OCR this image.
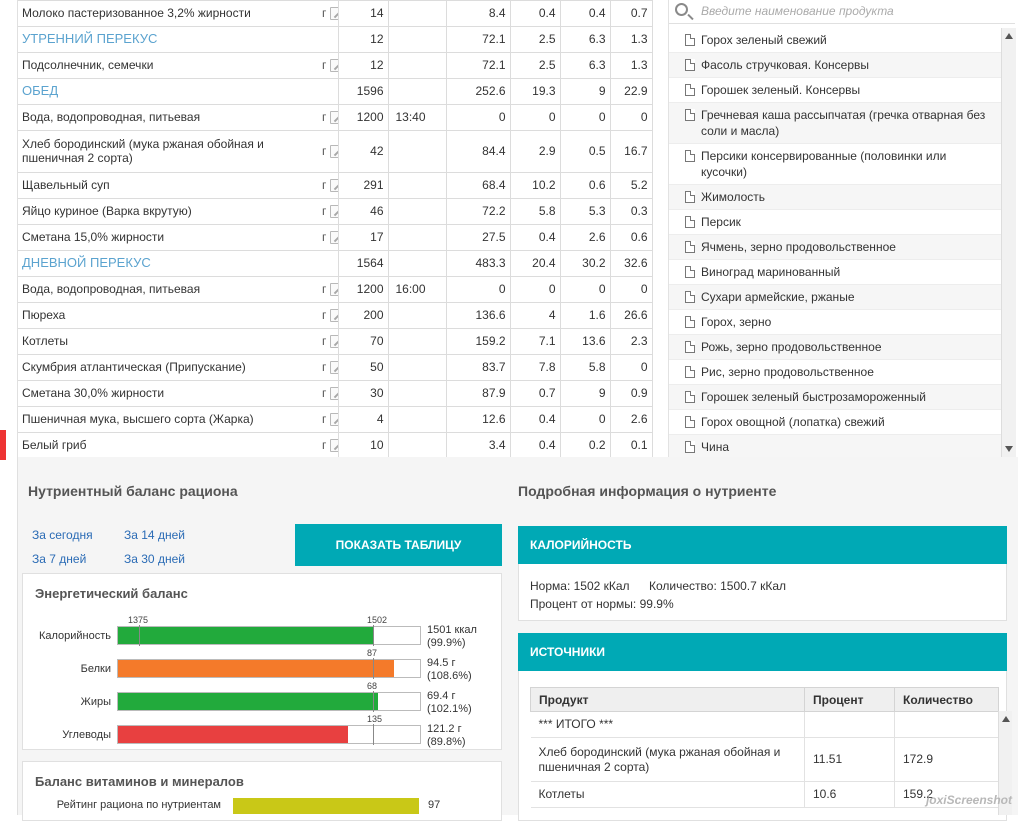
Молоко пастеризованное 3,2% жирности	г	14		8.4	0.4	0.4	0.7
УТРЕННИЙ ПЕРЕКУС		12		72.1	2.5	6.3	1.3
Подсолнечник, семечки	г	12		72.1	2.5	6.3	1.3
ОБЕД		1596		252.6	19.3	9	22.9
Вода, водопроводная, питьевая	г	1200	13:40	0	0	0	0
Хлеб бородинский (мука ржаная обойная и пшеничная 2 сорта)	г	42		84.4	2.9	0.5	16.7
Щавельный суп	г	291		68.4	10.2	0.6	5.2
Яйцо куриное (Варка вкрутую)	г	46		72.2	5.8	5.3	0.3
Сметана 15,0% жирности	г	17		27.5	0.4	2.6	0.6
ДНЕВНОЙ ПЕРЕКУС		1564		483.3	20.4	30.2	32.6
Вода, водопроводная, питьевая	г	1200	16:00	0	0	0	0
Пюреха	г	200		136.6	4	1.6	26.6
Котлеты	г	70		159.2	7.1	13.6	2.3
Скумбрия атлантическая (Припускание)	г	50		83.7	7.8	5.8	0
Сметана 30,0% жирности	г	30		87.9	0.7	9	0.9
Пшеничная мука, высшего сорта (Жарка)	г	4		12.6	0.4	0	2.6
Белый гриб	г	10		3.4	0.4	0.2	0.1
Введите наименование продукта
Горох зеленый свежий
Фасоль стручковая. Консервы
Горошек зеленый. Консервы
Гречневая каша рассыпчатая (гречка отварная без соли и масла)
Персики консервированные (половинки или кусочки)
Жимолость
Персик
Ячмень, зерно продовольственное
Виноград маринованный
Сухари армейские, ржаные
Горох, зерно
Рожь, зерно продовольственное
Рис, зерно продовольственное
Горошек зеленый быстрозамороженный
Горох овощной (лопатка) свежий
Чина
Нутриентный баланс рациона
За сегодня	За 14 дней
За 7 дней	За 30 дней
ПОКАЗАТЬ ТАБЛИЦУ
Энергетический баланс
Калорийность
1375	1502
1501 ккал
(99.9%)
Белки
87
94.5 г
(108.6%)
Жиры
68
69.4 г
(102.1%)
Углеводы
135
121.2 г
(89.8%)
Баланс витаминов и минералов
Рейтинг рациона по нутриентам	97
Подробная информация о нутриенте
КАЛОРИЙНОСТЬ
Норма: 1502 кКал Количество: 1500.7 кКал
Процент от нормы: 99.9%
ИСТОЧНИКИ
Продукт	Процент	Количество
*** ИТОГО ***		
Хлеб бородинский (мука ржаная обойная и пшеничная 2 сорта)	11.51	172.9
Котлеты	10.6	159.2
joxiScreenshot
